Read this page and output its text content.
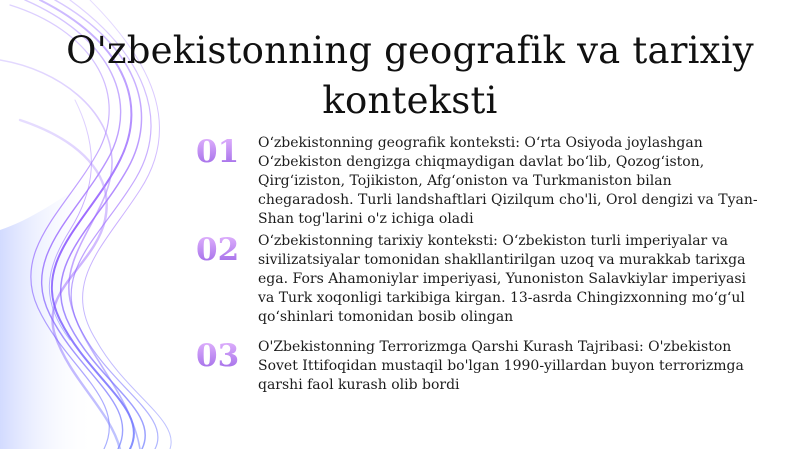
O'zbekistonning geografik va tarixiy konteksti
01 O‘zbekistonning geografik konteksti: O‘rta Osiyoda joylashgan O‘zbekiston dengizga chiqmaydigan davlat bo‘lib, Qozog‘iston, Qirg‘iziston, Tojikiston, Afg‘oniston va Turkmaniston bilan chegaradosh. Turli landshaftlari Qizilqum cho'li, Orol dengizi va Tyan-Shan tog'larini o'z ichiga oladi
02 O‘zbekistonning tarixiy konteksti: O‘zbekiston turli imperiyalar va sivilizatsiyalar tomonidan shakllantirilgan uzoq va murakkab tarixga ega. Fors Ahamoniylar imperiyasi, Yunoniston Salavkiylar imperiyasi va Turk xoqonligi tarkibiga kirgan. 13-asrda Chingizxonning mo‘g‘ul qo‘shinlari tomonidan bosib olingan
03 O'Zbekistonning Terrorizmga Qarshi Kurash Tajribasi: O'zbekiston Sovet Ittifoqidan mustaqil bo'lgan 1990-yillardan buyon terrorizmga qarshi faol kurash olib bordi
